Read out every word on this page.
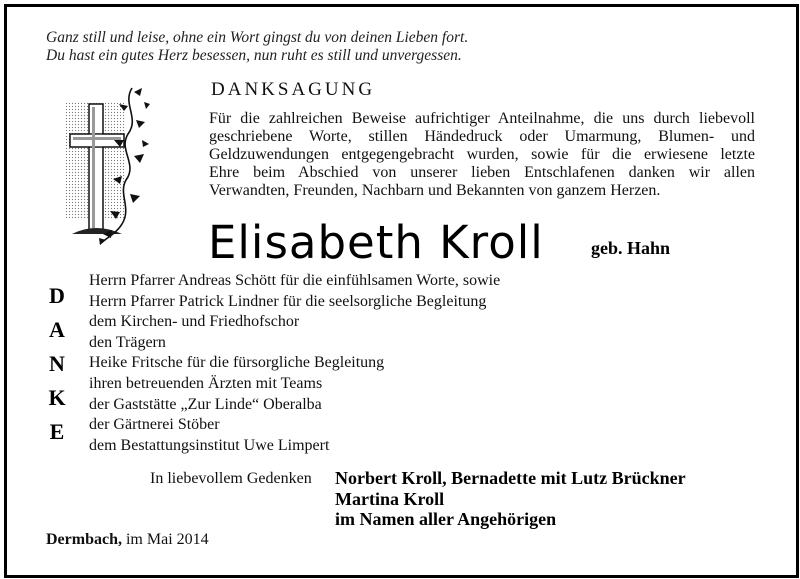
Ganz still und leise, ohne ein Wort gingst du von deinen Lieben fort.
Du hast ein gutes Herz besessen, nun ruht es still und unvergessen.
DANKSAGUNG
Für die zahlreichen Beweise aufrichtiger Anteilnahme, die uns durch liebevoll
geschriebene Worte, stillen Händedruck oder Umarmung, Blumen- und
Geldzuwendungen entgegengebracht wurden, sowie für die erwiesene letzte
Ehre beim Abschied von unserer lieben Entschlafenen danken wir allen
Verwandten, Freunden, Nachbarn und Bekannten von ganzem Herzen.
Elisabeth Kroll	geb. Hahn
D
A
N
K
E
Herrn Pfarrer Andreas Schött für die einfühlsamen Worte, sowie
Herrn Pfarrer Patrick Lindner für die seelsorgliche Begleitung
dem Kirchen- und Friedhofschor
den Trägern
Heike Fritsche für die fürsorgliche Begleitung
ihren betreuenden Ärzten mit Teams
der Gaststätte „Zur Linde“ Oberalba
der Gärtnerei Stöber
dem Bestattungsinstitut Uwe Limpert
In liebevollem Gedenken Norbert Kroll, Bernadette mit Lutz Brückner
Martina Kroll
im Namen aller Angehörigen
Dermbach, im Mai 2014
